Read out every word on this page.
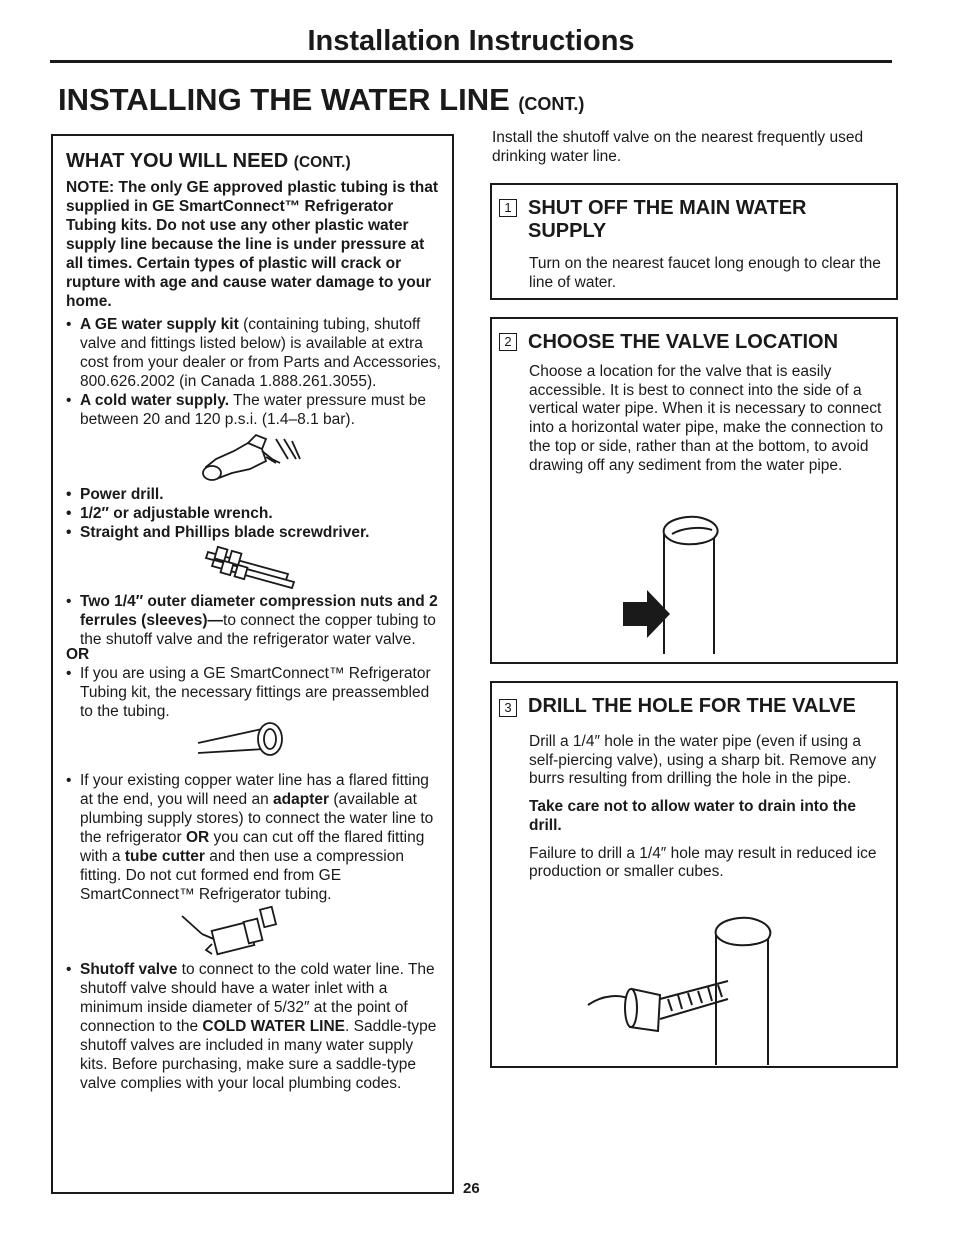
Installation Instructions
INSTALLING THE WATER LINE (CONT.)
WHAT YOU WILL NEED (CONT.)

NOTE: The only GE approved plastic tubing is that supplied in GE SmartConnect™ Refrigerator Tubing kits. Do not use any other plastic water supply line because the line is under pressure at all times. Certain types of plastic will crack or rupture with age and cause water damage to your home.

• A GE water supply kit (containing tubing, shutoff valve and fittings listed below) is available at extra cost from your dealer or from Parts and Accessories, 800.626.2002 (in Canada 1.888.261.3055).

• A cold water supply. The water pressure must be between 20 and 120 p.s.i. (1.4–8.1 bar).

• Power drill.

• 1/2″ or adjustable wrench.

• Straight and Phillips blade screwdriver.

• Two 1/4″ outer diameter compression nuts and 2 ferrules (sleeves)—to connect the copper tubing to the shutoff valve and the refrigerator water valve.

OR

• If you are using a GE SmartConnect™ Refrigerator Tubing kit, the necessary fittings are preassembled to the tubing.

• If your existing copper water line has a flared fitting at the end, you will need an adapter (available at plumbing supply stores) to connect the water line to the refrigerator OR you can cut off the flared fitting with a tube cutter and then use a compression fitting. Do not cut formed end from GE SmartConnect™ Refrigerator tubing.

• Shutoff valve to connect to the cold water line. The shutoff valve should have a water inlet with a minimum inside diameter of 5/32″ at the point of connection to the COLD WATER LINE. Saddle-type shutoff valves are included in many water supply kits. Before purchasing, make sure a saddle-type valve complies with your local plumbing codes.

Install the shutoff valve on the nearest frequently used drinking water line.
1 SHUT OFF THE MAIN WATER SUPPLY
Turn on the nearest faucet long enough to clear the line of water.
2 CHOOSE THE VALVE LOCATION
Choose a location for the valve that is easily accessible. It is best to connect into the side of a vertical water pipe. When it is necessary to connect into a horizontal water pipe, make the connection to the top or side, rather than at the bottom, to avoid drawing off any sediment from the water pipe.
3 DRILL THE HOLE FOR THE VALVE

Drill a 1/4″ hole in the water pipe (even if using a self-piercing valve), using a sharp bit. Remove any burrs resulting from drilling the hole in the pipe.

Take care not to allow water to drain into the drill.

Failure to drill a 1/4″ hole may result in reduced ice production or smaller cubes.

26
